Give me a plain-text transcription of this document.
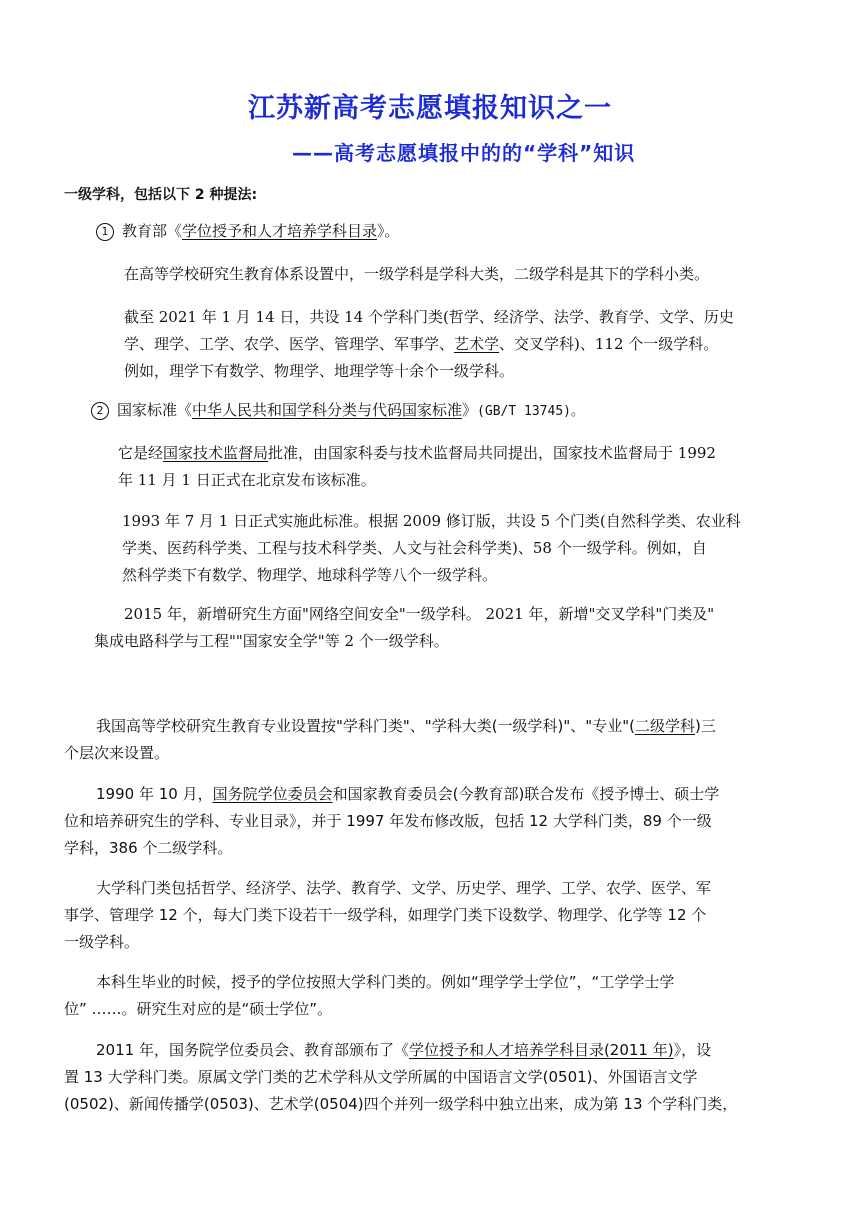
江苏新高考志愿填报知识之一
——高考志愿填报中的的“学科”知识
一级学科，包括以下 2 种提法:
1 教育部《学位授予和人才培养学科目录》。
在高等学校研究生教育体系设置中，一级学科是学科大类，二级学科是其下的学科小类。
截至 2021 年 1 月 14 日，共设 14 个学科门类(哲学、经济学、法学、教育学、文学、历史
学、理学、工学、农学、医学、管理学、军事学、艺术学、交叉学科)、112 个一级学科。
例如，理学下有数学、物理学、地理学等十余个一级学科。
2 国家标准《中华人民共和国学科分类与代码国家标准》(GB/T 13745)。
它是经国家技术监督局批准，由国家科委与技术监督局共同提出，国家技术监督局于 1992
年 11 月 1 日正式在北京发布该标准。
1993 年 7 月 1 日正式实施此标准。根据 2009 修订版，共设 5 个门类(自然科学类、农业科
学类、医药科学类、工程与技术科学类、人文与社会科学类)、58 个一级学科。例如，自
然科学类下有数学、物理学、地球科学等八个一级学科。
2015 年，新增研究生方面"网络空间安全"一级学科。 2021 年，新增"交叉学科"门类及"
集成电路科学与工程""国家安全学"等 2 个一级学科。
我国高等学校研究生教育专业设置按"学科门类"、"学科大类(一级学科)"、"专业"(二级学科)三
个层次来设置。
1990 年 10 月，国务院学位委员会和国家教育委员会(今教育部)联合发布《授予博士、硕士学
位和培养研究生的学科、专业目录》，并于 1997 年发布修改版，包括 12 大学科门类，89 个一级
学科，386 个二级学科。
大学科门类包括哲学、经济学、法学、教育学、文学、历史学、理学、工学、农学、医学、军
事学、管理学 12 个，每大门类下设若干一级学科，如理学门类下设数学、物理学、化学等 12 个
一级学科。
本科生毕业的时候，授予的学位按照大学科门类的。例如“理学学士学位”，“工学学士学
位” ……。研究生对应的是“硕士学位”。
2011 年，国务院学位委员会、教育部颁布了《学位授予和人才培养学科目录(2011 年)》，设
置 13 大学科门类。原属文学门类的艺术学科从文学所属的中国语言文学(0501)、外国语言文学
(0502)、新闻传播学(0503)、艺术学(0504)四个并列一级学科中独立出来，成为第 13 个学科门类，
